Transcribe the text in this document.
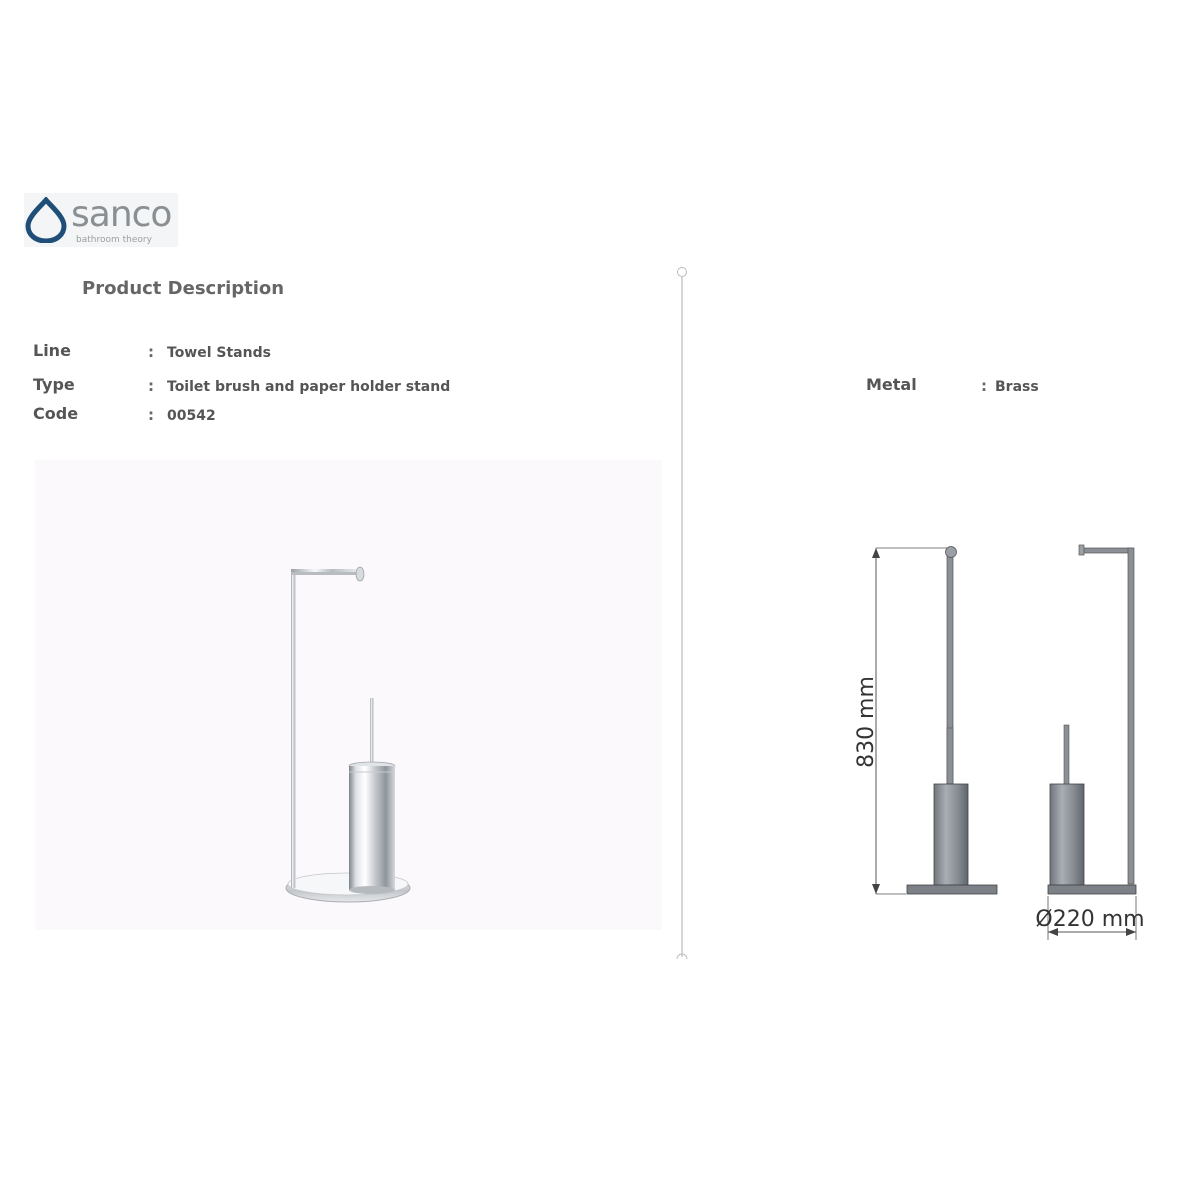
sanco
bathroom theory
Product Description
Line	: Towel Stands
Type	: Toilet brush and paper holder stand
Code	: 00542
Metal	: Brass
830 mm
Ø220 mm
